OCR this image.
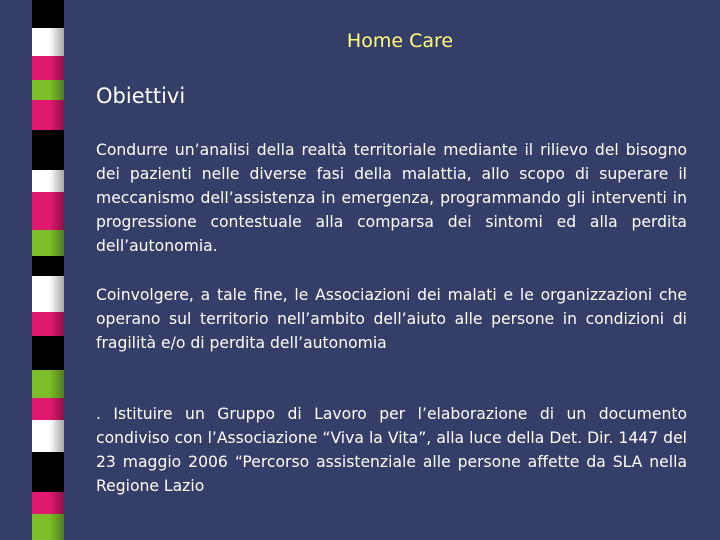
Home Care
Obiettivi

Condurre un’analisi della realtà territoriale mediante il rilievo del bisogno dei pazienti nelle diverse fasi della malattia, allo scopo di superare il meccanismo dell’assistenza in emergenza, programmando gli interventi in progressione contestuale alla comparsa dei sintomi ed alla perdita dell’autonomia.

Coinvolgere, a tale fine, le Associazioni dei malati e le organizzazioni che operano sul territorio nell’ambito dell’aiuto alle persone in condizioni di fragilità e/o di perdita dell’autonomia

. Istituire un Gruppo di Lavoro per l’elaborazione di un documento condiviso con l’Associazione “Viva la Vita”, alla luce della Det. Dir. 1447 del 23 maggio 2006 “Percorso assistenziale alle persone affette da SLA nella Regione Lazio
